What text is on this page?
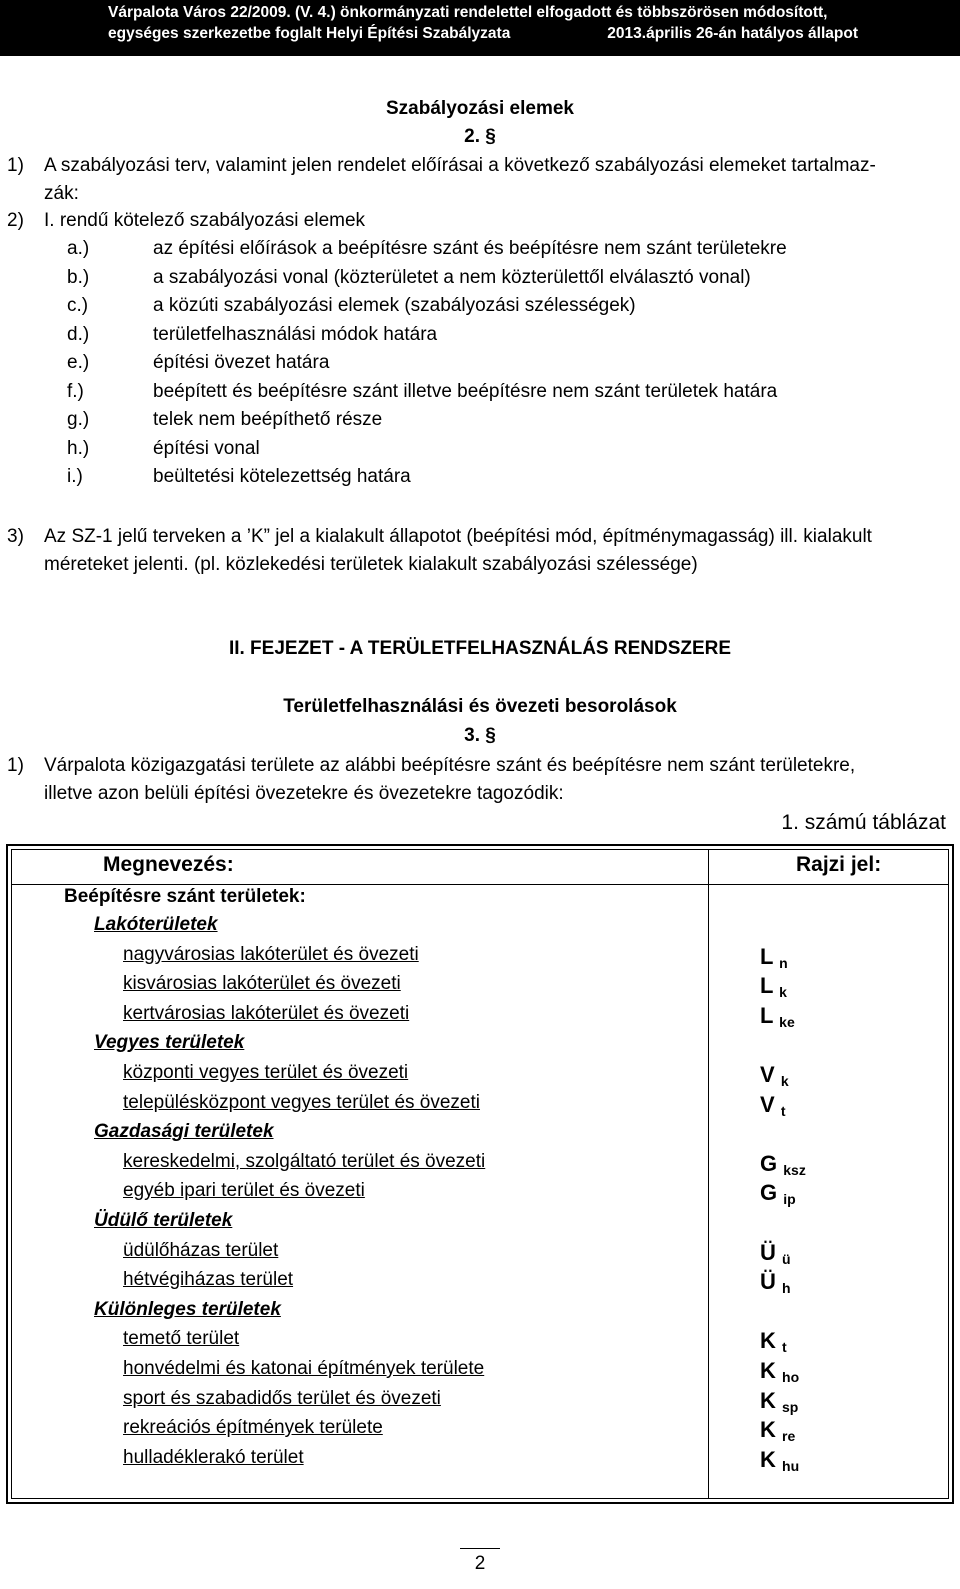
Várpalota Város 22/2009. (V. 4.) önkormányzati rendelettel elfogadott és többszörösen módosított,
egységes szerkezetbe foglalt Helyi Építési Szabályzata	2013.április 26-án hatályos állapot
Szabályozási elemek
2. §
1) A szabályozási terv, valamint jelen rendelet előírásai a következő szabályozási elemeket tartalmaz-
zák:
2) I. rendű kötelező szabályozási elemek
a.)	az építési előírások a beépítésre szánt és beépítésre nem szánt területekre
b.)	a szabályozási vonal (közterületet a nem közterülettől elválasztó vonal)
c.)	a közúti szabályozási elemek (szabályozási szélességek)
d.)	területfelhasználási módok határa
e.)	építési övezet határa
f.)	beépített és beépítésre szánt illetve beépítésre nem szánt területek határa
g.)	telek nem beépíthető része
h.)	építési vonal
i.)	beültetési kötelezettség határa
3) Az SZ-1 jelű terveken a ’K” jel a kialakult állapotot (beépítési mód, építménymagasság) ill. kialakult
méreteket jelenti. (pl. közlekedési területek kialakult szabályozási szélessége)
II. FEJEZET - A TERÜLETFELHASZNÁLÁS RENDSZERE
Területfelhasználási és övezeti besorolások
3. §
1) Várpalota közigazgatási területe az alábbi beépítésre szánt és beépítésre nem szánt területekre,
illetve azon belüli építési övezetekre és övezetekre tagozódik:
1. számú táblázat
Megnevezés:	Rajzi jel:
Beépítésre szánt területek:
Lakóterületek
nagyvárosias lakóterület és övezeti	L $_n$
kisvárosias lakóterület és övezeti	L $_k$
kertvárosias lakóterület és övezeti	L $_{ke}$
Vegyes területek
központi vegyes terület és övezeti	V $_k$
településközpont vegyes terület és övezeti	V $_t$
Gazdasági területek
kereskedelmi, szolgáltató terület és övezeti	G $_{ksz}$
egyéb ipari terület és övezeti	G $_{ip}$
Üdülő területek
üdülőházas terület	Ü $_ü$
hétvégiházas terület	Ü $_h$
Különleges területek
temető terület	K $_t$
honvédelmi és katonai építmények területe	K $_{ho}$
sport és szabadidős terület és övezeti	K $_{sp}$
rekreációs építmények területe	K $_{re}$
hulladéklerakó terület	K $_{hu}$
2
